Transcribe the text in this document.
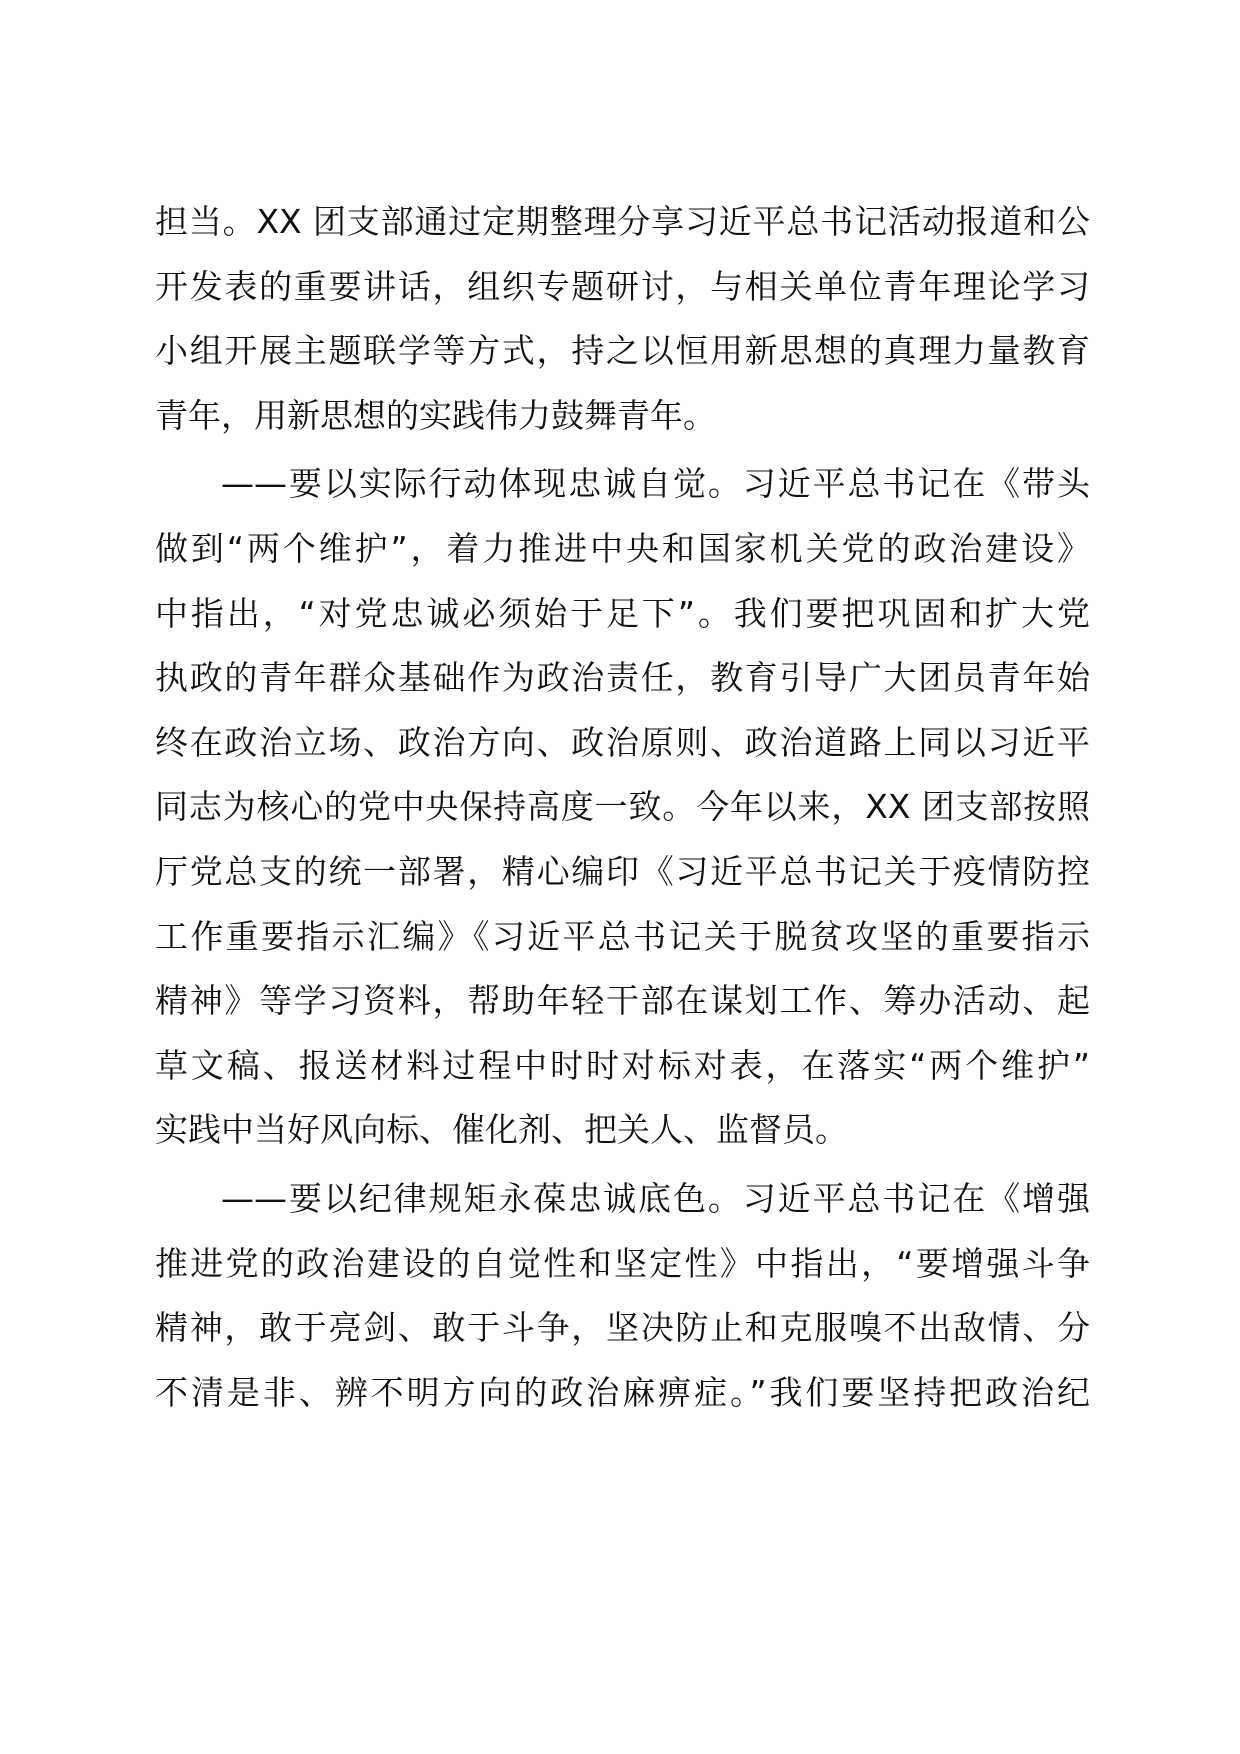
担当。XX 团支部通过定期整理分享习近平总书记活动报道和公
开发表的重要讲话，组织专题研讨，与相关单位青年理论学习
小组开展主题联学等方式，持之以恒用新思想的真理力量教育
青年，用新思想的实践伟力鼓舞青年。
——要以实际行动体现忠诚自觉。习近平总书记在《带头
做到“两个维护”，着力推进中央和国家机关党的政治建设》
中指出，“对党忠诚必须始于足下”。我们要把巩固和扩大党
执政的青年群众基础作为政治责任，教育引导广大团员青年始
终在政治立场、政治方向、政治原则、政治道路上同以习近平
同志为核心的党中央保持高度一致。今年以来，XX 团支部按照
厅党总支的统一部署，精心编印《习近平总书记关于疫情防控
工作重要指示汇编》《习近平总书记关于脱贫攻坚的重要指示
精神》等学习资料，帮助年轻干部在谋划工作、筹办活动、起
草文稿、报送材料过程中时时对标对表，在落实“两个维护”
实践中当好风向标、催化剂、把关人、监督员。
——要以纪律规矩永葆忠诚底色。习近平总书记在《增强
推进党的政治建设的自觉性和坚定性》中指出，“要增强斗争
精神，敢于亮剑、敢于斗争，坚决防止和克服嗅不出敌情、分
不清是非、辨不明方向的政治麻痹症。”我们要坚持把政治纪
